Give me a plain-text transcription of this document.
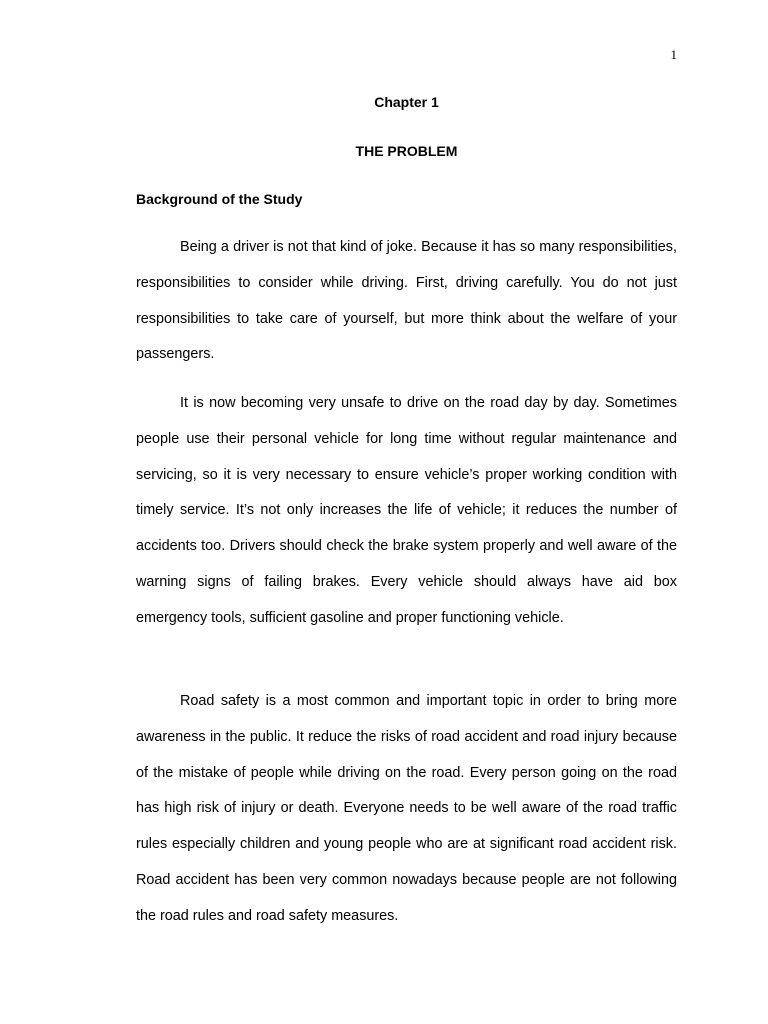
1
Chapter 1
THE PROBLEM
Background of the Study

Being a driver is not that kind of joke. Because it has so many responsibilities, responsibilities to consider while driving. First, driving carefully. You do not just responsibilities to take care of yourself, but more think about the welfare of your passengers.

It is now becoming very unsafe to drive on the road day by day. Sometimes people use their personal vehicle for long time without regular maintenance and servicing, so it is very necessary to ensure vehicle’s proper working condition with timely service. It’s not only increases the life of vehicle; it reduces the number of accidents too. Drivers should check the brake system properly and well aware of the warning signs of failing brakes. Every vehicle should always have aid box emergency tools, sufficient gasoline and proper functioning vehicle.

Road safety is a most common and important topic in order to bring more awareness in the public. It reduce the risks of road accident and road injury because of the mistake of people while driving on the road. Every person going on the road has high risk of injury or death. Everyone needs to be well aware of the road traffic rules especially children and young people who are at significant road accident risk. Road accident has been very common nowadays because people are not following the road rules and road safety measures.
